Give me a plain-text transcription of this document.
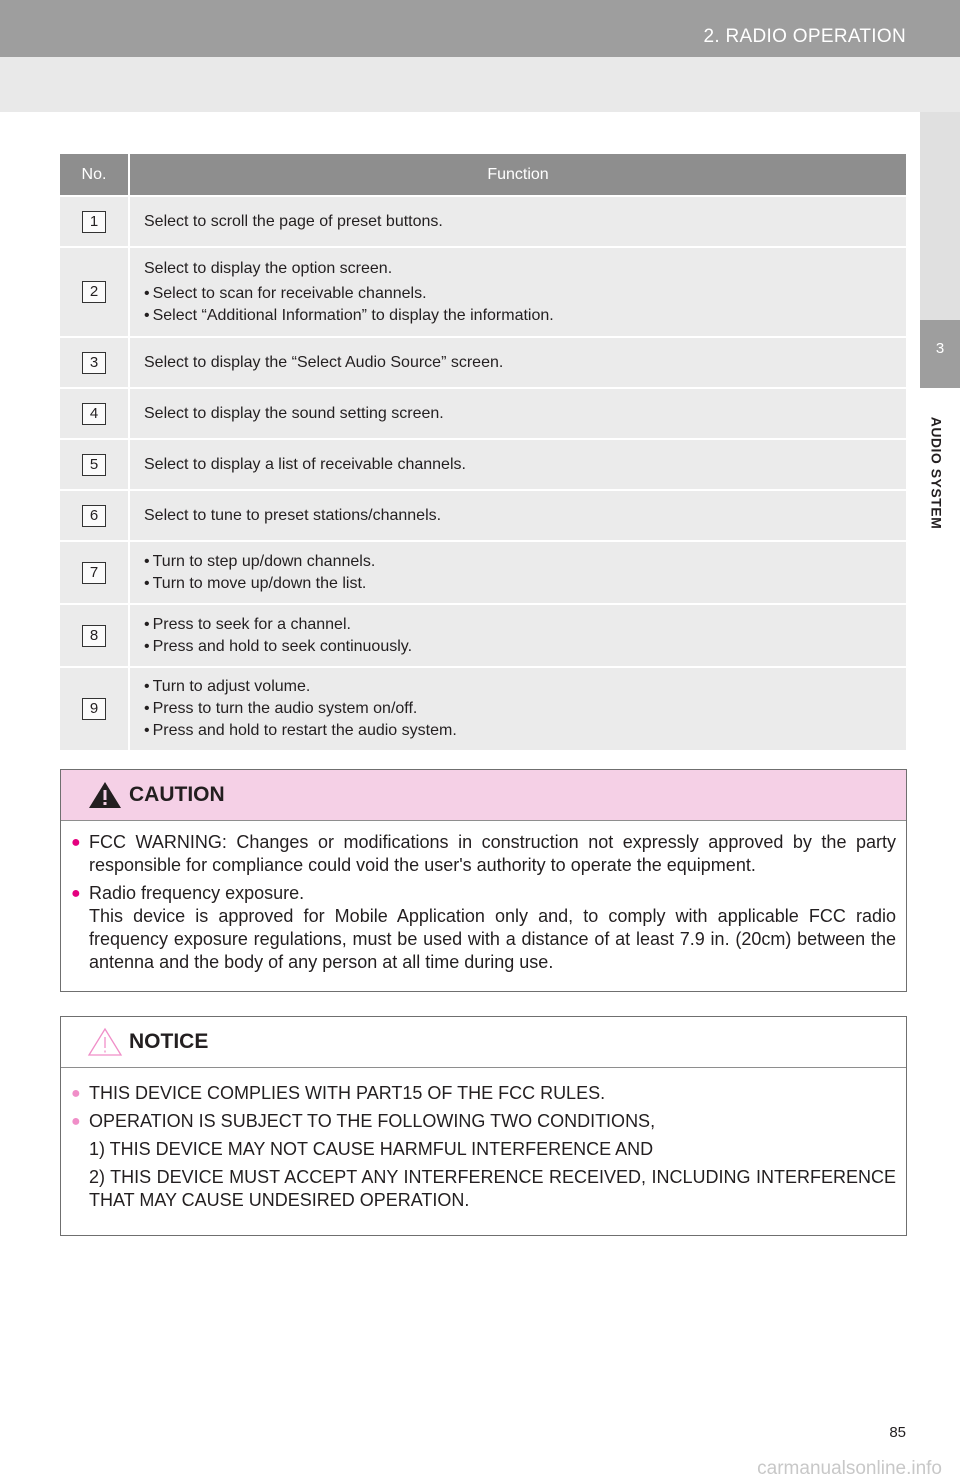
2. RADIO OPERATION
3
AUDIO SYSTEM
No.	Function
1	Select to scroll the page of preset buttons.

2	Select to display the option screen.
• Select to scan for receivable channels.
• Select “Additional Information” to display the information.

3	Select to display the “Select Audio Source” screen.

4	Select to display the sound setting screen.

5	Select to display a list of receivable channels.

6	Select to tune to preset stations/channels.

7	• Turn to step up/down channels.
• Turn to move up/down the list.

8	• Press to seek for a channel.
• Press and hold to seek continuously.

9	• Turn to adjust volume.
• Press to turn the audio system on/off.
• Press and hold to restart the audio system.
CAUTION
● FCC WARNING: Changes or modifications in construction not expressly approved by the party responsible for compliance could void the user's authority to operate the equipment.
● Radio frequency exposure.
This device is approved for Mobile Application only and, to comply with applicable FCC radio frequency exposure regulations, must be used with a distance of at least 7.9 in. (20cm) between the antenna and the body of any person at all time during use.
NOTICE
● THIS DEVICE COMPLIES WITH PART15 OF THE FCC RULES.
● OPERATION IS SUBJECT TO THE FOLLOWING TWO CONDITIONS,
1) THIS DEVICE MAY NOT CAUSE HARMFUL INTERFERENCE AND
2) THIS DEVICE MUST ACCEPT ANY INTERFERENCE RECEIVED, INCLUDING INTERFERENCE THAT MAY CAUSE UNDESIRED OPERATION.
85
carmanualsonline.info
